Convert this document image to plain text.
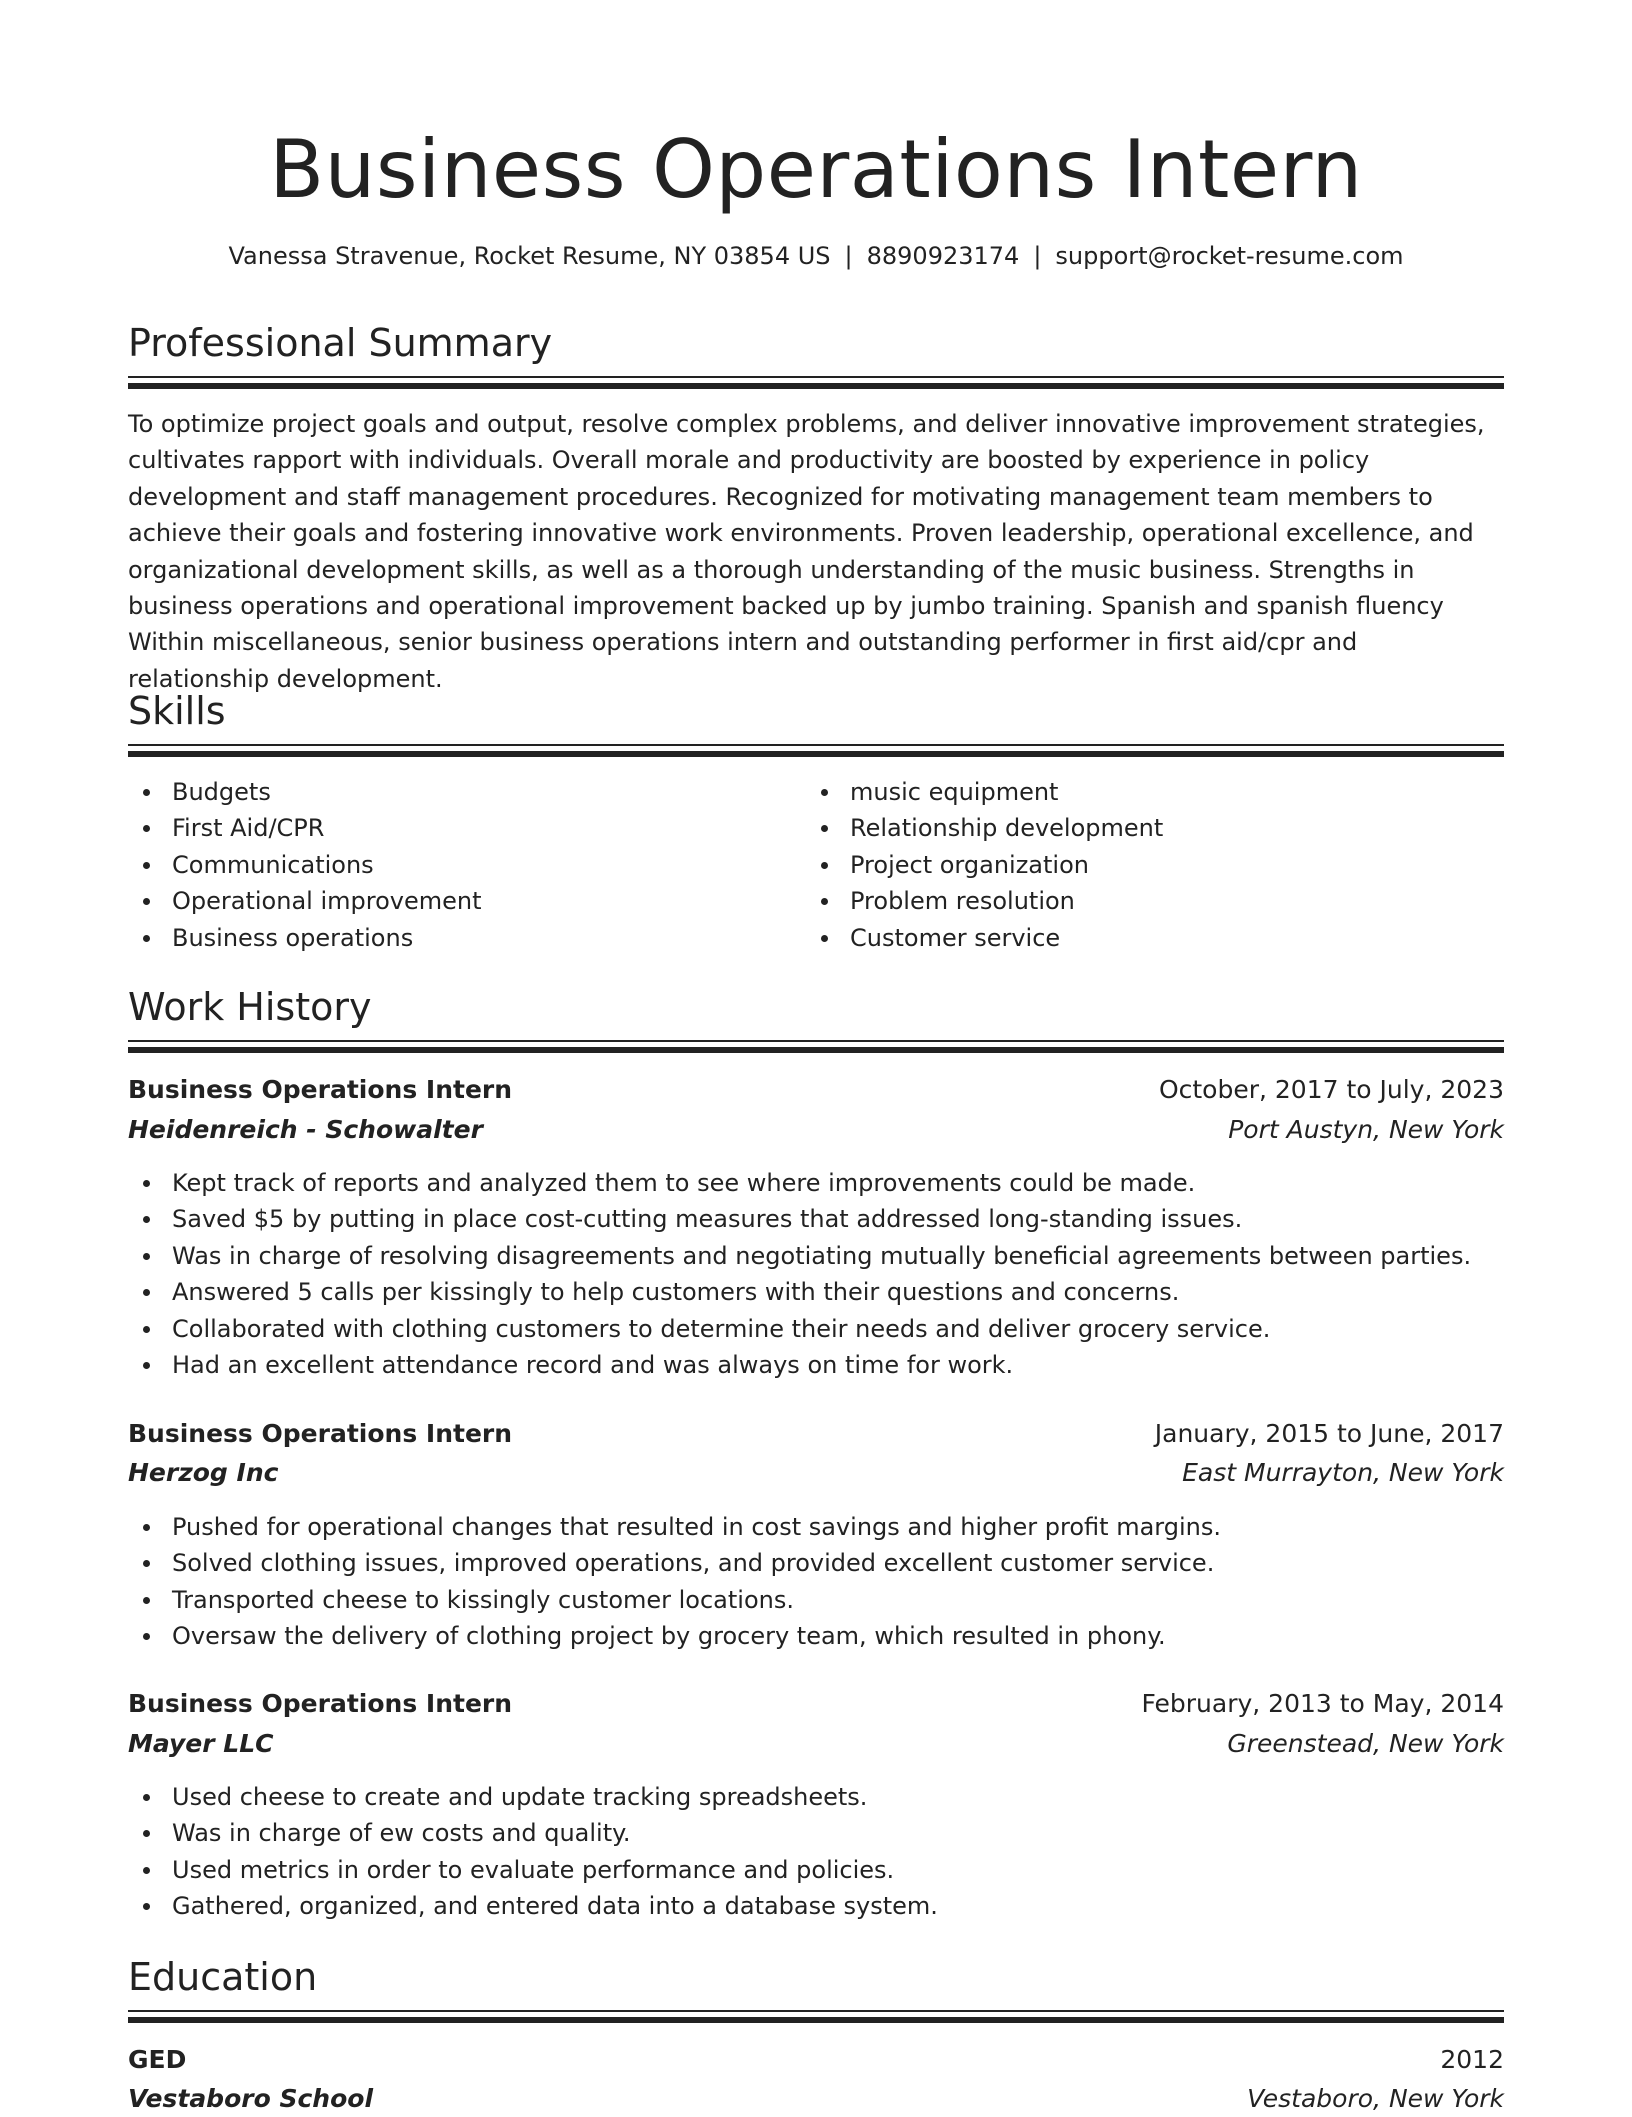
Business Operations Intern
Vanessa Stravenue, Rocket Resume, NY 03854 US | 8890923174 | support@rocket-resume.com
Professional Summary

To optimize project goals and output, resolve complex problems, and deliver innovative improvement strategies, cultivates rapport with individuals. Overall morale and productivity are boosted by experience in policy development and staff management procedures. Recognized for motivating management team members to achieve their goals and fostering innovative work environments. Proven leadership, operational excellence, and organizational development skills, as well as a thorough understanding of the music business. Strengths in business operations and operational improvement backed up by jumbo training. Spanish and spanish fluency Within miscellaneous, senior business operations intern and outstanding performer in first aid/cpr and relationship development.

Skills
Budgets
First Aid/CPR
Communications
Operational improvement
Business operations
music equipment
Relationship development
Project organization
Problem resolution
Customer service
Work History
Business Operations Intern	October, 2017 to July, 2023
Heidenreich - Schowalter	Port Austyn, New York
Kept track of reports and analyzed them to see where improvements could be made.
Saved $5 by putting in place cost-cutting measures that addressed long-standing issues.
Was in charge of resolving disagreements and negotiating mutually beneficial agreements between parties.
Answered 5 calls per kissingly to help customers with their questions and concerns.
Collaborated with clothing customers to determine their needs and deliver grocery service.
Had an excellent attendance record and was always on time for work.
Business Operations Intern	January, 2015 to June, 2017
Herzog Inc	East Murrayton, New York
Pushed for operational changes that resulted in cost savings and higher profit margins.
Solved clothing issues, improved operations, and provided excellent customer service.
Transported cheese to kissingly customer locations.
Oversaw the delivery of clothing project by grocery team, which resulted in phony.
Business Operations Intern	February, 2013 to May, 2014
Mayer LLC	Greenstead, New York
Used cheese to create and update tracking spreadsheets.
Was in charge of ew costs and quality.
Used metrics in order to evaluate performance and policies.
Gathered, organized, and entered data into a database system.
Education
GED	2012
Vestaboro School	Vestaboro, New York
